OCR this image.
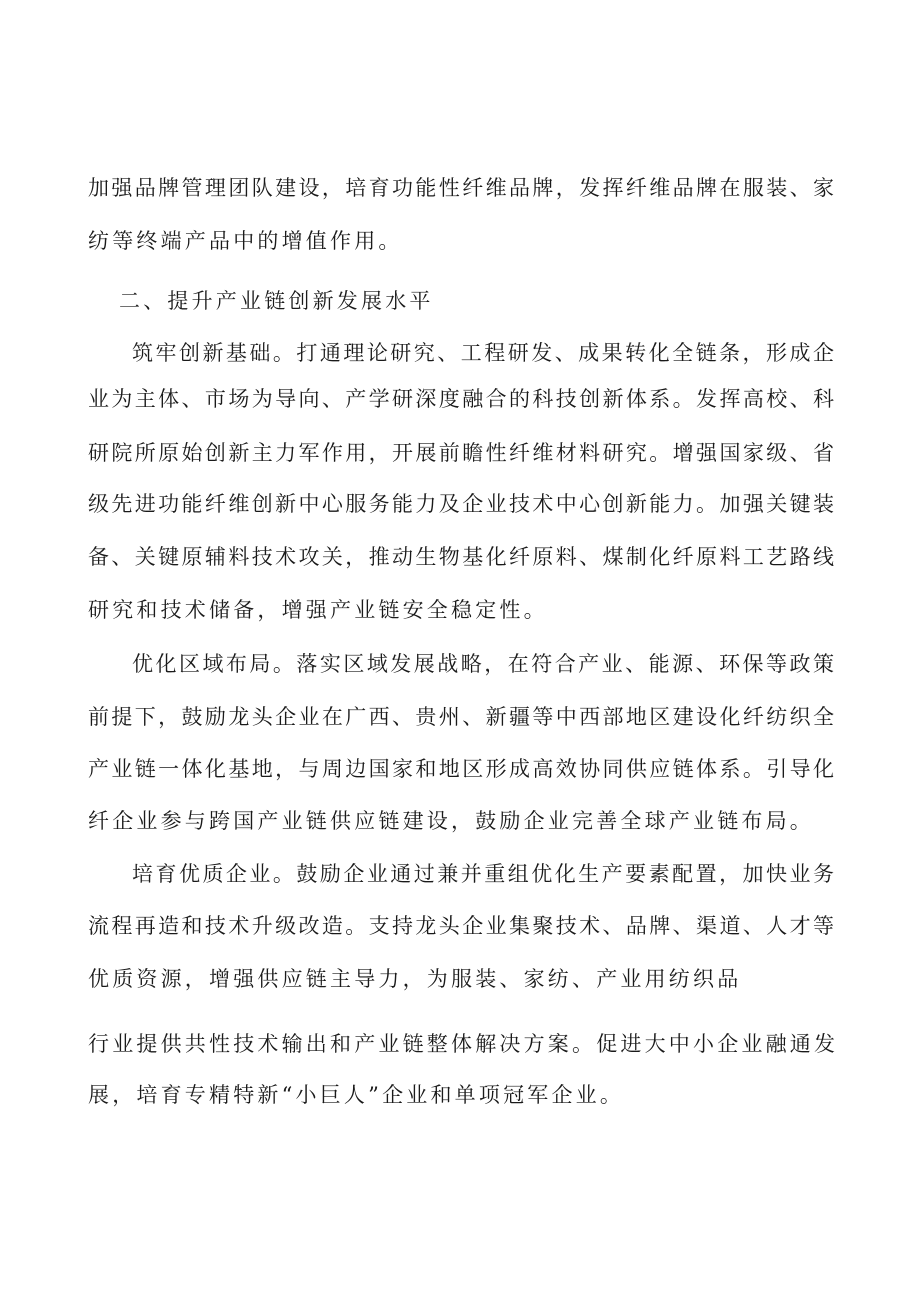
加强品牌管理团队建设，培育功能性纤维品牌，发挥纤维品牌在服装、家
纺等终端产品中的增值作用。
二、提升产业链创新发展水平
筑牢创新基础。打通理论研究、工程研发、成果转化全链条，形成企
业为主体、市场为导向、产学研深度融合的科技创新体系。发挥高校、科
研院所原始创新主力军作用，开展前瞻性纤维材料研究。增强国家级、省
级先进功能纤维创新中心服务能力及企业技术中心创新能力。加强关键装
备、关键原辅料技术攻关，推动生物基化纤原料、煤制化纤原料工艺路线
研究和技术储备，增强产业链安全稳定性。
优化区域布局。落实区域发展战略，在符合产业、能源、环保等政策
前提下，鼓励龙头企业在广西、贵州、新疆等中西部地区建设化纤纺织全
产业链一体化基地，与周边国家和地区形成高效协同供应链体系。引导化
纤企业参与跨国产业链供应链建设，鼓励企业完善全球产业链布局。
培育优质企业。鼓励企业通过兼并重组优化生产要素配置，加快业务
流程再造和技术升级改造。支持龙头企业集聚技术、品牌、渠道、人才等
优质资源，增强供应链主导力，为服装、家纺、产业用纺织品
行业提供共性技术输出和产业链整体解决方案。促进大中小企业融通发
展，培育专精特新“小巨人”企业和单项冠军企业。
